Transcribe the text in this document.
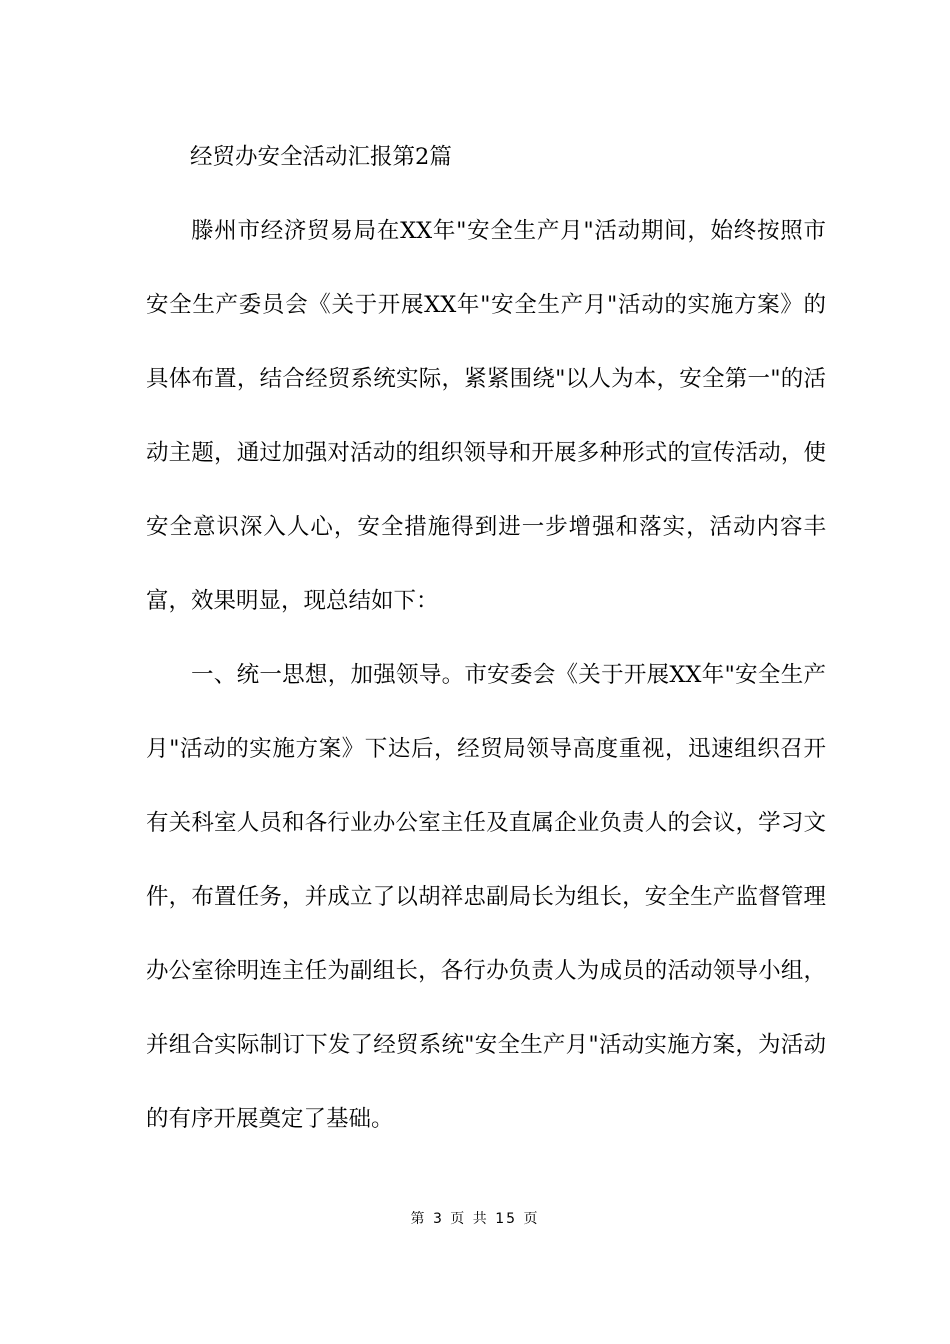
经贸办安全活动汇报第2篇

滕州市经济贸易局在XX年"安全生产月"活动期间，始终按照市安全生产委员会《关于开展XX年"安全生产月"活动的实施方案》的具体布置，结合经贸系统实际，紧紧围绕"以人为本，安全第一"的活动主题，通过加强对活动的组织领导和开展多种形式的宣传活动，使安全意识深入人心，安全措施得到进一步增强和落实，活动内容丰富，效果明显，现总结如下：

一、统一思想，加强领导。市安委会《关于开展XX年"安全生产月"活动的实施方案》下达后，经贸局领导高度重视，迅速组织召开有关科室人员和各行业办公室主任及直属企业负责人的会议，学习文件，布置任务，并成立了以胡祥忠副局长为组长，安全生产监督管理办公室徐明连主任为副组长，各行办负责人为成员的活动领导小组，并组合实际制订下发了经贸系统"安全生产月"活动实施方案，为活动的有序开展奠定了基础。

第 3 页 共 15 页
